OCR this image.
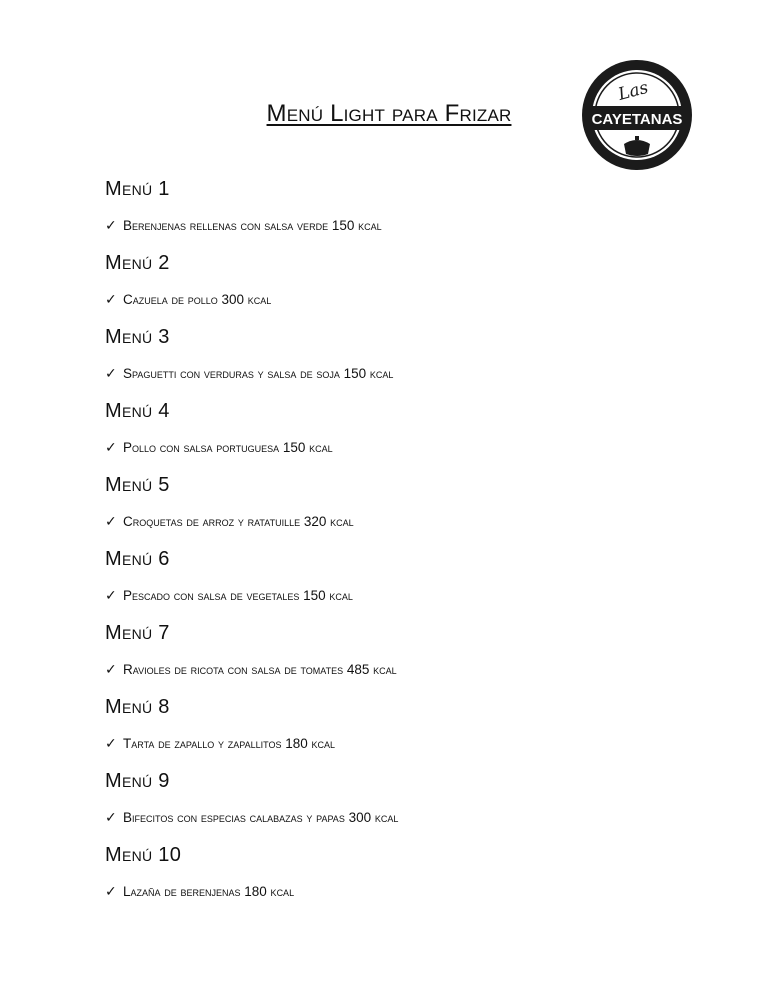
Menú Light para Frizar
Las
CAYETANAS
Menú 1
✓ Berenjenas rellenas con salsa verde 150 kcal
Menú 2
✓ Cazuela de pollo 300 kcal
Menú 3
✓ Spaguetti con verduras y salsa de soja 150 kcal
Menú 4
✓ Pollo con salsa portuguesa 150 kcal
Menú 5
✓ Croquetas de arroz y ratatuille 320 kcal
Menú 6
✓ Pescado con salsa de vegetales 150 kcal
Menú 7
✓ Ravioles de ricota con salsa de tomates 485 kcal
Menú 8
✓ Tarta de zapallo y zapallitos 180 kcal
Menú 9
✓ Bifecitos con especias calabazas y papas 300 kcal
Menú 10
✓ Lazaña de berenjenas 180 kcal
